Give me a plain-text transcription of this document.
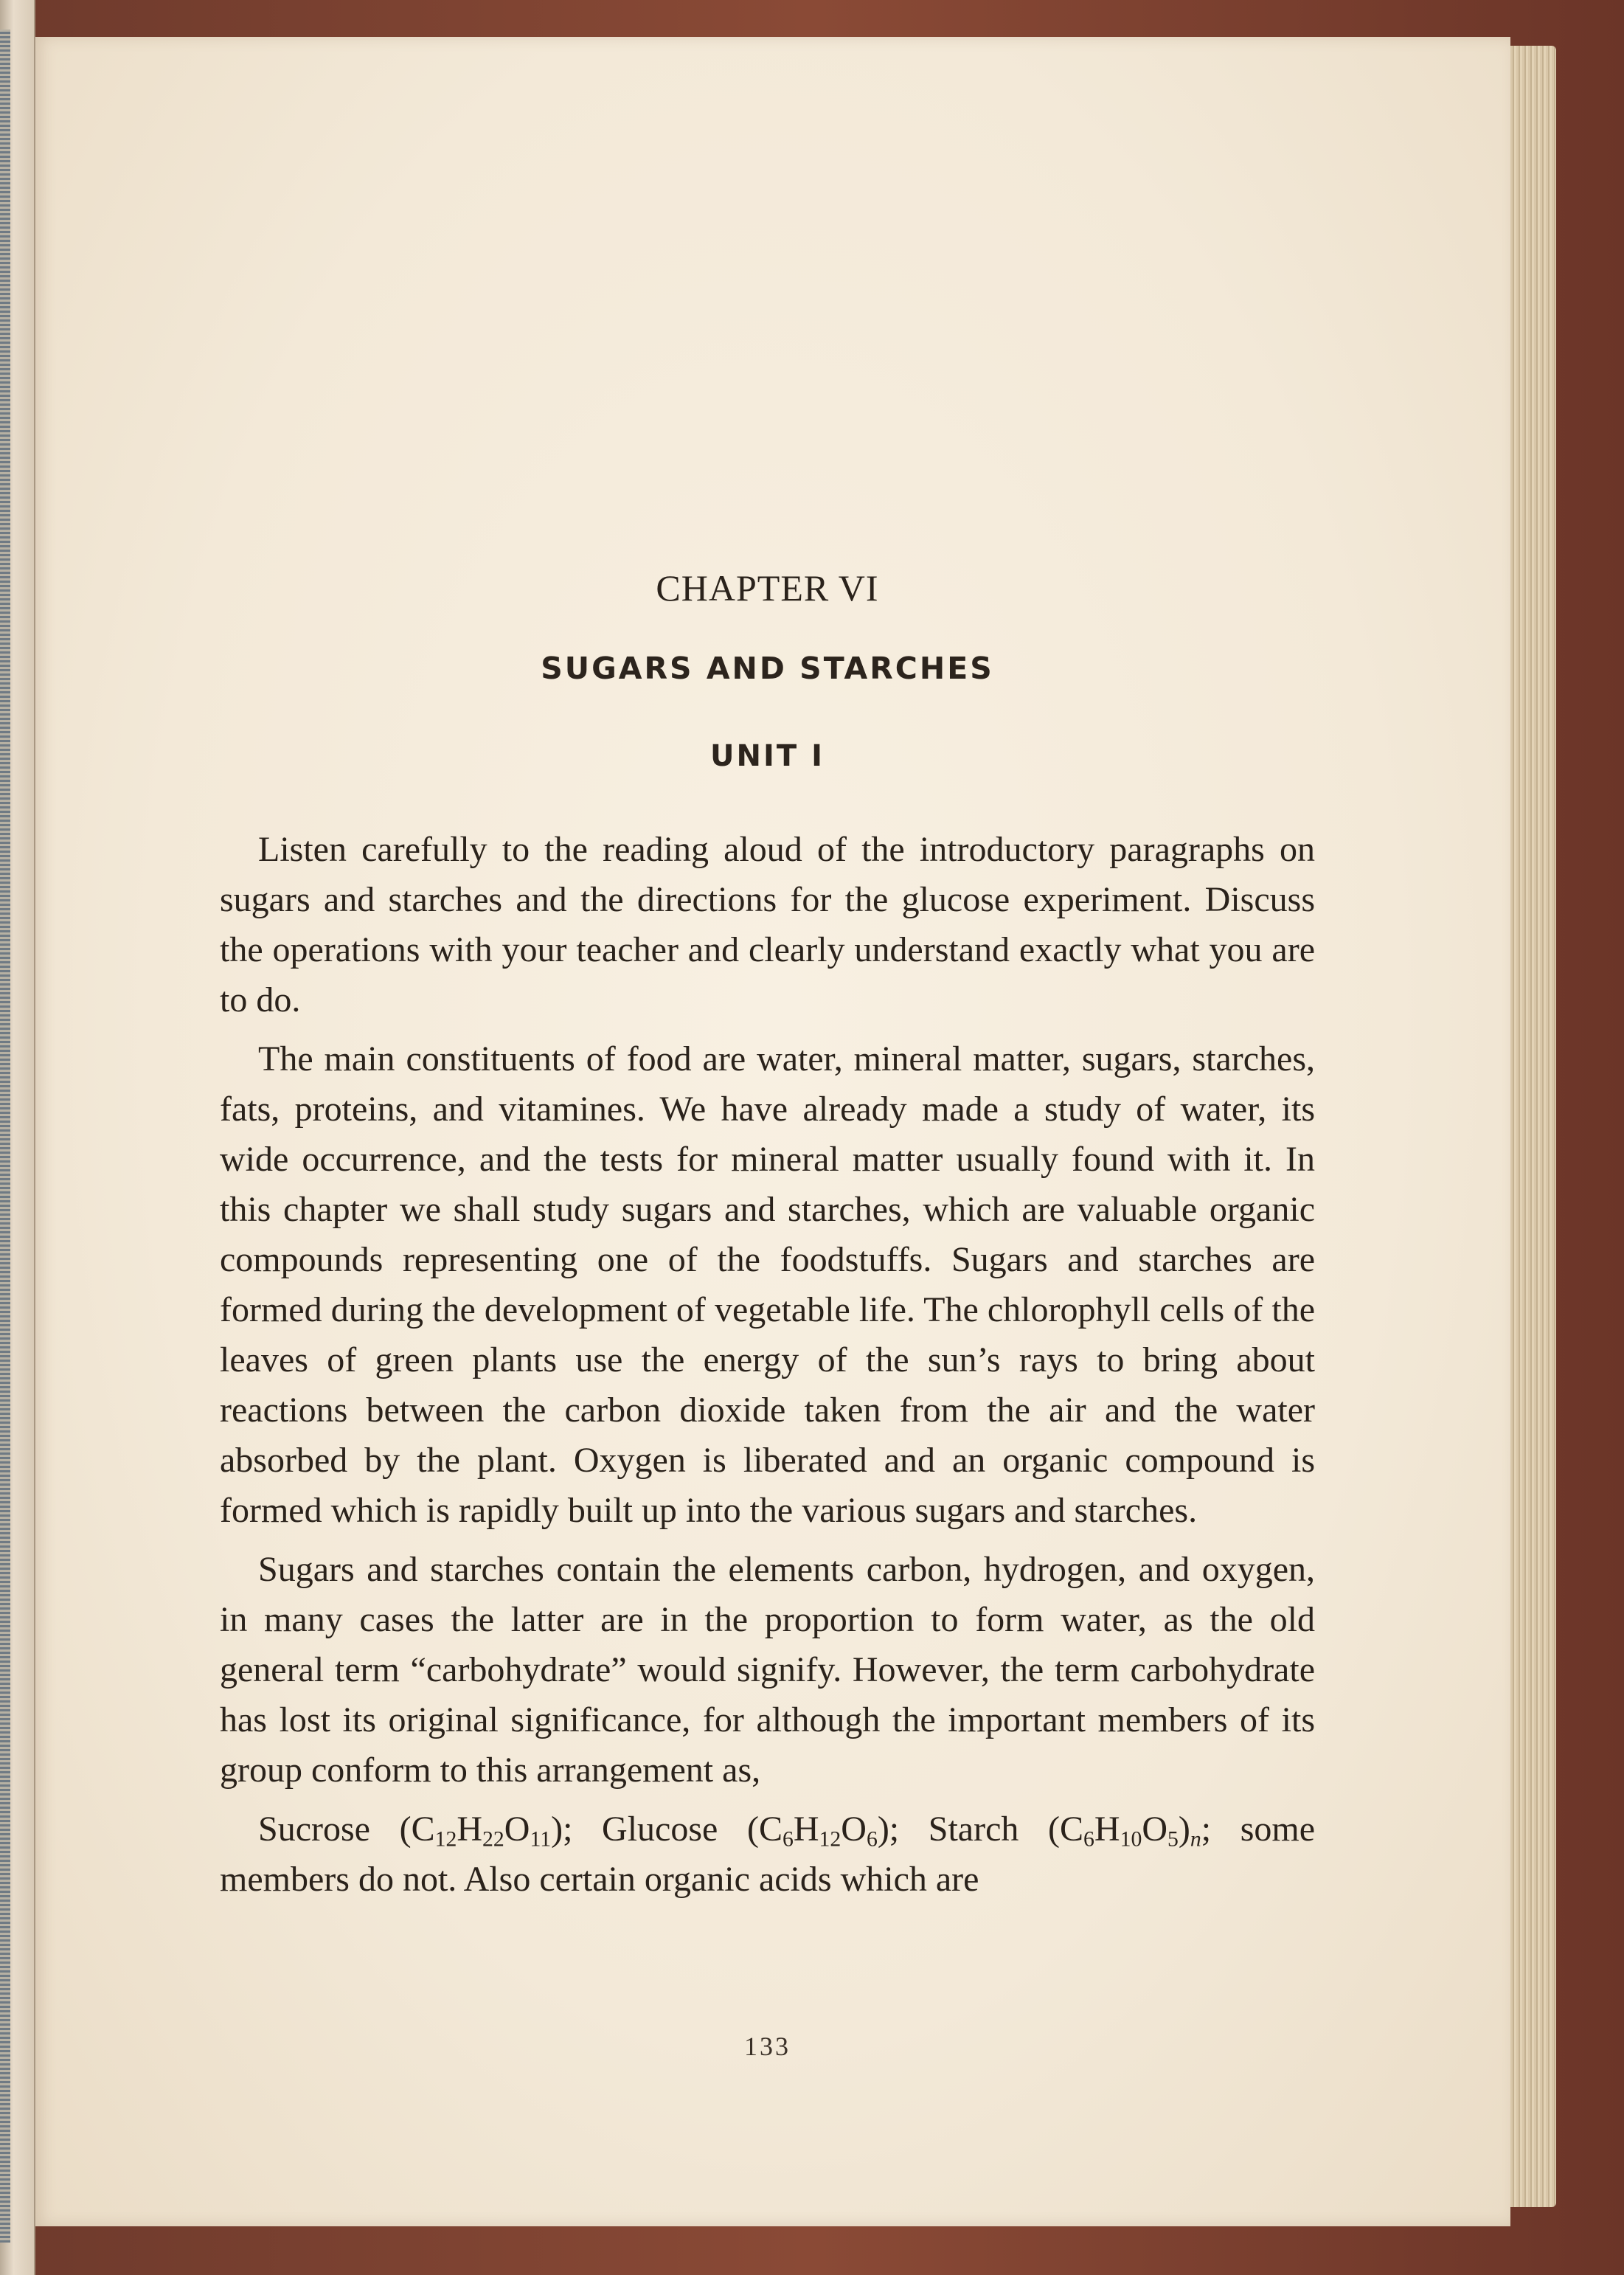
CHAPTER VI
SUGARS AND STARCHES
UNIT I

Listen carefully to the reading aloud of the introductory paragraphs on sugars and starches and the directions for the glucose experiment. Discuss the operations with your teacher and clearly understand exactly what you are to do.

The main constituents of food are water, mineral matter, sugars, starches, fats, proteins, and vitamines. We have already made a study of water, its wide occurrence, and the tests for mineral matter usually found with it. In this chapter we shall study sugars and starches, which are valuable organic compounds representing one of the foodstuffs. Sugars and starches are formed during the development of vegetable life. The chlorophyll cells of the leaves of green plants use the energy of the sun’s rays to bring about reactions between the carbon dioxide taken from the air and the water absorbed by the plant. Oxygen is liberated and an organic compound is formed which is rapidly built up into the various sugars and starches.

Sugars and starches contain the elements carbon, hydrogen, and oxygen, in many cases the latter are in the proportion to form water, as the old general term “carbohydrate” would signify. However, the term carbohydrate has lost its original significance, for although the important members of its group conform to this arrangement as,

Sucrose $(C_{12}H_{22}O_{11})$; Glucose $(C_6H_{12}O_6)$; Starch $(C_6H_{10}O_5)_n$; some members do not. Also certain organic acids which are

133
